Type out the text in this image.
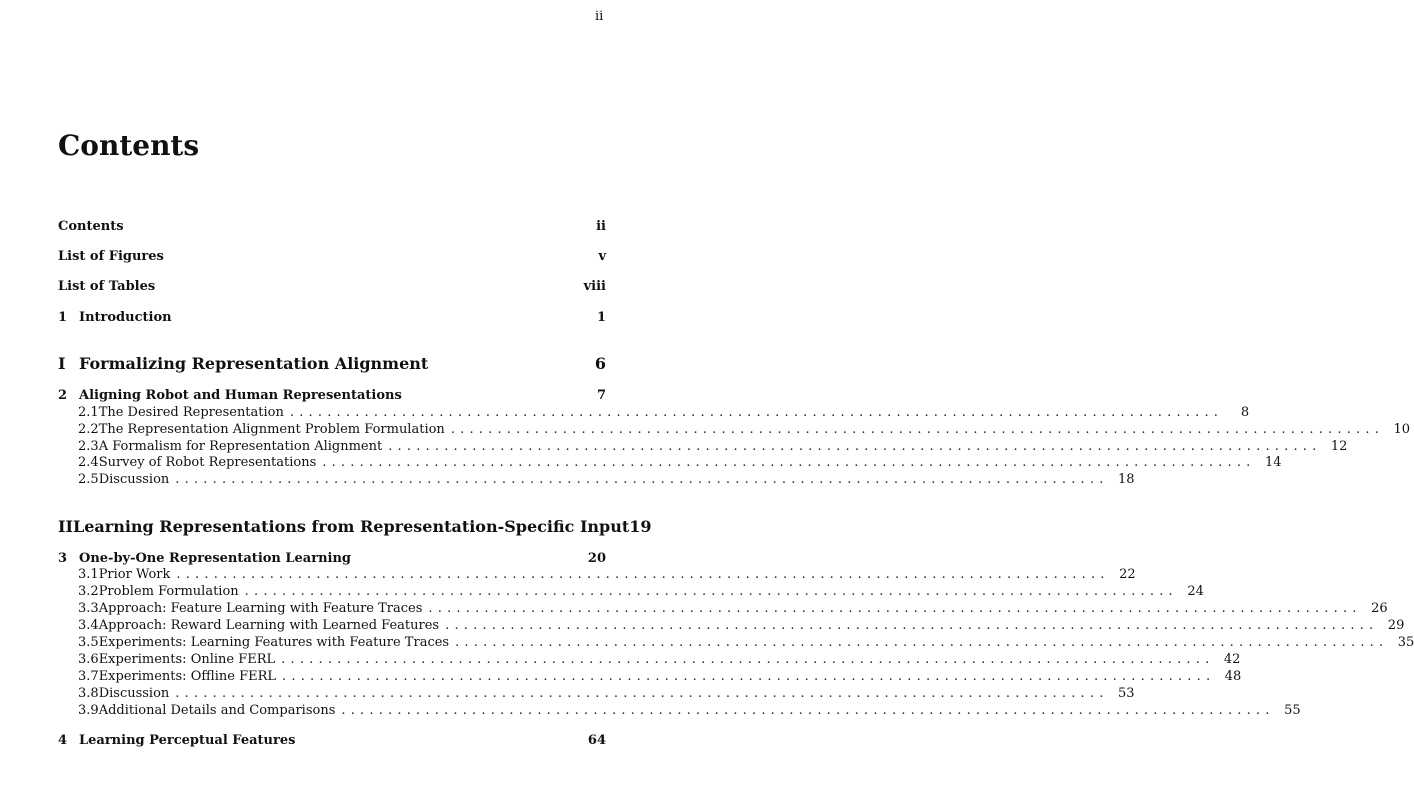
ii
Contents
Contents	ii
List of Figures	v
List of Tables	viii
1 Introduction	1
I Formalizing Representation Alignment	6
2 Aligning Robot and Human Representations	7
2.1 The Desired Representation ....................................................................................................	8
2.2 The Representation Alignment Problem Formulation .................................................................................................... 10
2.3 A Formalism for Representation Alignment .................................................................................................... 12
2.4 Survey of Robot Representations .................................................................................................... 14
2.5 Discussion .................................................................................................... 18
II Learning Representations from Representation-Specific Input 19
3 One-by-One Representation Learning	20
3.1 Prior Work .................................................................................................... 22
3.2 Problem Formulation .................................................................................................... 24
3.3 Approach: Feature Learning with Feature Traces .................................................................................................... 26
3.4 Approach: Reward Learning with Learned Features .................................................................................................... 29
3.5 Experiments: Learning Features with Feature Traces .................................................................................................... 35
3.6 Experiments: Online FERL .................................................................................................... 42
3.7 Experiments: Offline FERL .................................................................................................... 48
3.8 Discussion .................................................................................................... 53
3.9 Additional Details and Comparisons .................................................................................................... 55
4 Learning Perceptual Features	64
